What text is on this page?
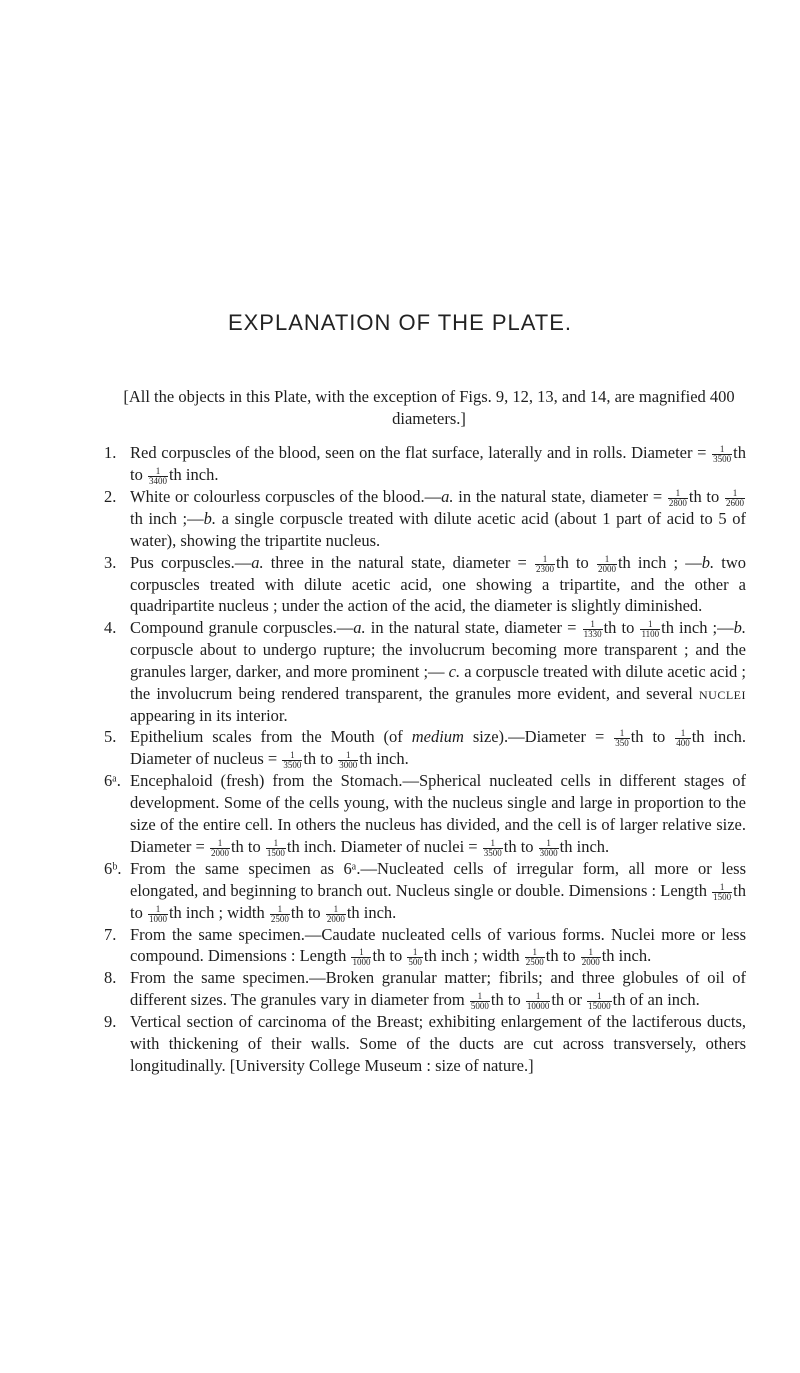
EXPLANATION OF THE PLATE.

[All the objects in this Plate, with the exception of Figs. 9, 12, 13, and 14, are magnified 400 diameters.]

1. Red corpuscles of the blood, seen on the flat surface, laterally and in rolls. Diameter = $\frac{1}{3500}$ th to $\frac{1}{3400}$ th inch.
2. White or colourless corpuscles of the blood.—a. in the natural state, diameter = $\frac{1}{2800}$ th to $\frac{1}{2600}$
th inch ;—b. a single corpuscle treated with dilute acetic acid (about 1 part of acid to 5 of water), showing the tripartite nucleus.
3. Pus corpuscles.—a. three in the natural state, diameter = $\frac{1}{2300}$ th to $\frac{1}{2000}$ th inch ; —b. two corpuscles treated with dilute acetic acid, one showing a tripartite, and the other a quadripartite nucleus ; under the action of the acid, the diameter is slightly diminished.
4. Compound granule corpuscles.—a. in the natural state, diameter = $\frac{1}{1330}$ th to $\frac{1}{1100}$ th inch ;—b. corpuscle about to undergo rupture; the involucrum becoming more transparent ; and the granules larger, darker, and more prominent ;— c. a corpuscle treated with dilute acetic acid ; the involucrum being rendered transparent, the granules more evident, and several nuclei appearing in its interior.
5. Epithelium scales from the Mouth (of medium size).—Diameter = $\frac{1}{350}$ th to $\frac{1}{400}$ th inch. Diameter of nucleus = $\frac{1}{3500}$ th to $\frac{1}{3000}$ th inch.
6ᵃ. Encephaloid (fresh) from the Stomach.—Spherical nucleated cells in different stages of development. Some of the cells young, with the nucleus single and large in proportion to the size of the entire cell. In others the nucleus has divided, and the cell is of larger relative size. Diameter = $\frac{1}{2000}$ th to $\frac{1}{1500}$ th inch. Diameter of nuclei = $\frac{1}{3500}$ th to $\frac{1}{3000}$ th inch.
6ᵇ. From the same specimen as 6ᵃ.—Nucleated cells of irregular form, all more or less elongated, and beginning to branch out. Nucleus single or double. Dimensions : Length $\frac{1}{1500}$ th to $\frac{1}{1000}$ th inch ; width $\frac{1}{2500}$ th to $\frac{1}{2000}$ th inch.
7. From the same specimen.—Caudate nucleated cells of various forms. Nuclei more or less compound. Dimensions : Length $\frac{1}{1000}$ th to $\frac{1}{500}$ th inch ; width $\frac{1}{2500}$ th to $\frac{1}{2000}$ th inch.
8. From the same specimen.—Broken granular matter; fibrils; and three globules of oil of different sizes. The granules vary in diameter from $\frac{1}{5000}$ th to $\frac{1}{10000}$ th or $\frac{1}{15000}$ th of an inch.
9. Vertical section of carcinoma of the Breast; exhibiting enlargement of the lactiferous ducts, with thickening of their walls. Some of the ducts are cut across transversely, others longitudinally. [University College Museum : size of nature.]
